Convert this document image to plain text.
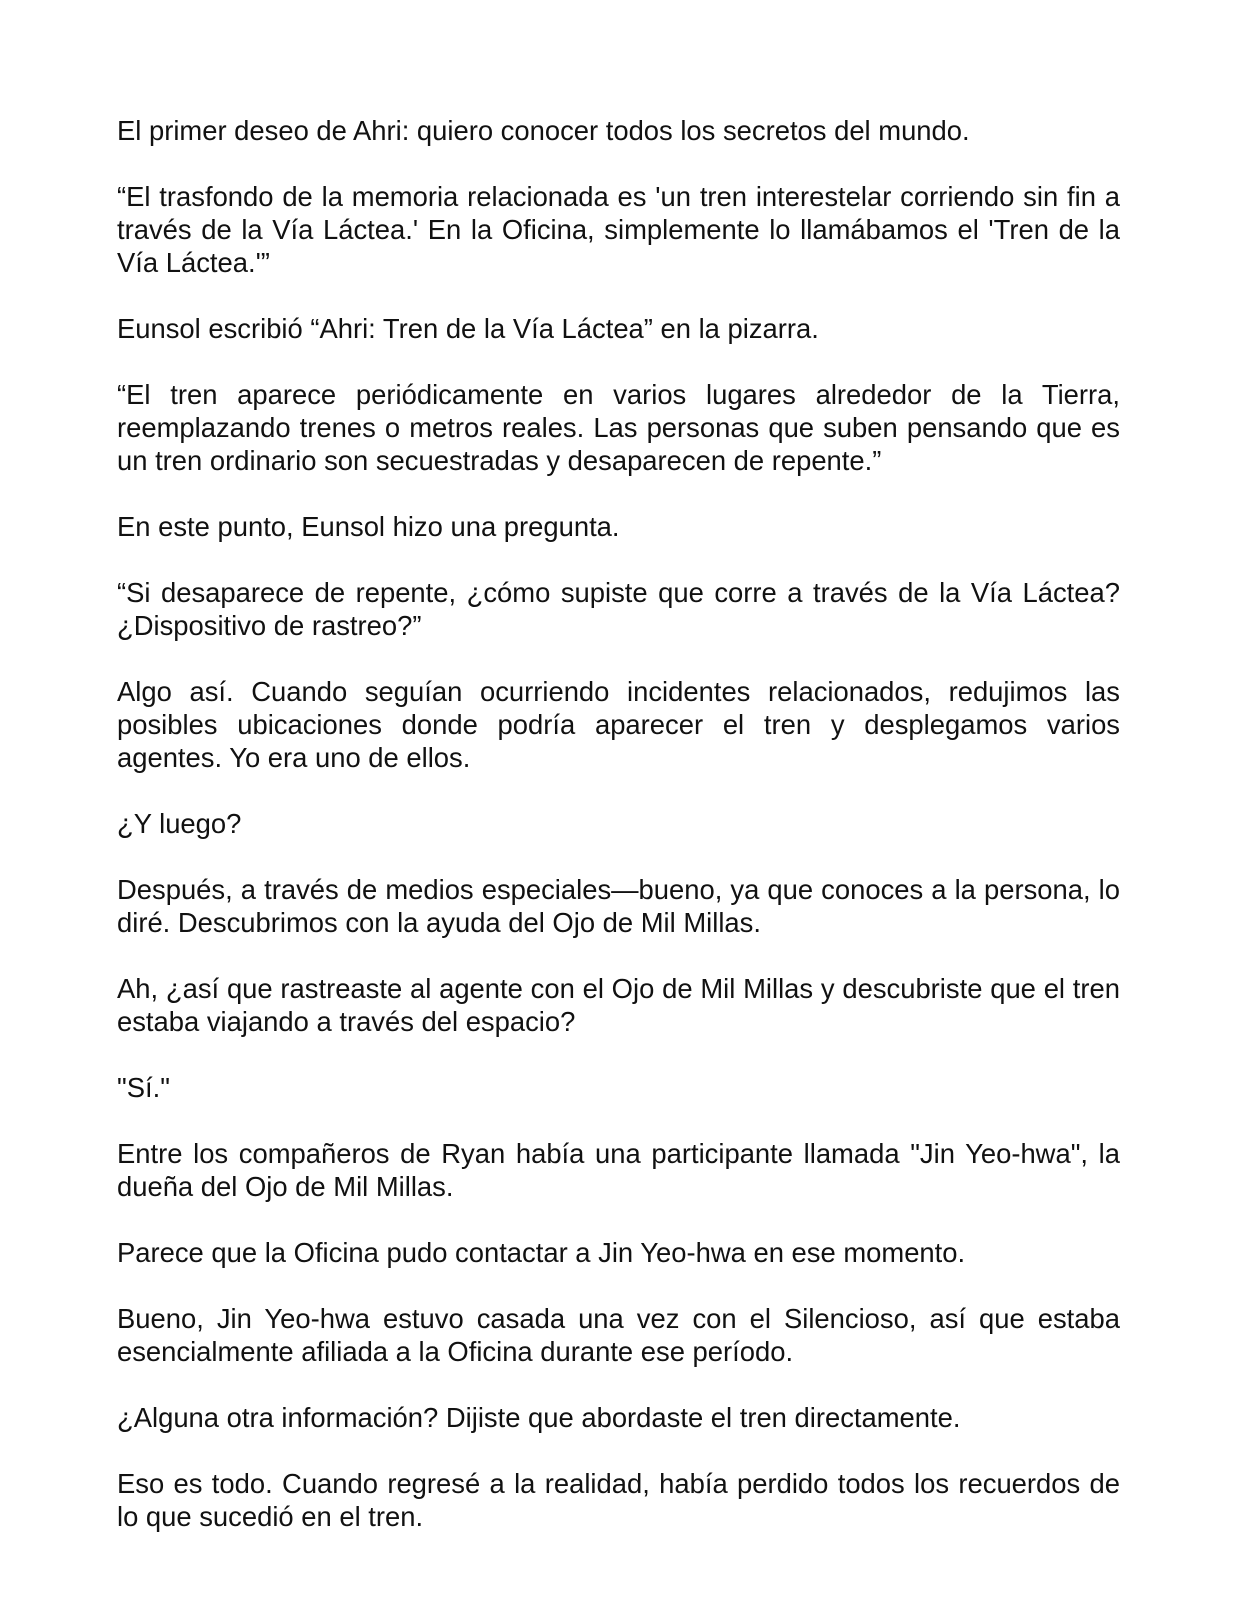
El primer deseo de Ahri: quiero conocer todos los secretos del mundo.

“El trasfondo de la memoria relacionada es 'un tren interestelar corriendo sin fin a través de la Vía Láctea.' En la Oficina, simplemente lo llamábamos el 'Tren de la Vía Láctea.'”

Eunsol escribió “Ahri: Tren de la Vía Láctea” en la pizarra.

“El tren aparece periódicamente en varios lugares alrededor de la Tierra, reemplazando trenes o metros reales. Las personas que suben pensando que es un tren ordinario son secuestradas y desaparecen de repente.”

En este punto, Eunsol hizo una pregunta.

“Si desaparece de repente, ¿cómo supiste que corre a través de la Vía Láctea? ¿Dispositivo de rastreo?”

Algo así. Cuando seguían ocurriendo incidentes relacionados, redujimos las posibles ubicaciones donde podría aparecer el tren y desplegamos varios agentes. Yo era uno de ellos.

¿Y luego?

Después, a través de medios especiales—bueno, ya que conoces a la persona, lo diré. Descubrimos con la ayuda del Ojo de Mil Millas.

Ah, ¿así que rastreaste al agente con el Ojo de Mil Millas y descubriste que el tren estaba viajando a través del espacio?

"Sí."

Entre los compañeros de Ryan había una participante llamada "Jin Yeo-hwa", la dueña del Ojo de Mil Millas.

Parece que la Oficina pudo contactar a Jin Yeo-hwa en ese momento.

Bueno, Jin Yeo-hwa estuvo casada una vez con el Silencioso, así que estaba esencialmente afiliada a la Oficina durante ese período.

¿Alguna otra información? Dijiste que abordaste el tren directamente.

Eso es todo. Cuando regresé a la realidad, había perdido todos los recuerdos de lo que sucedió en el tren.
